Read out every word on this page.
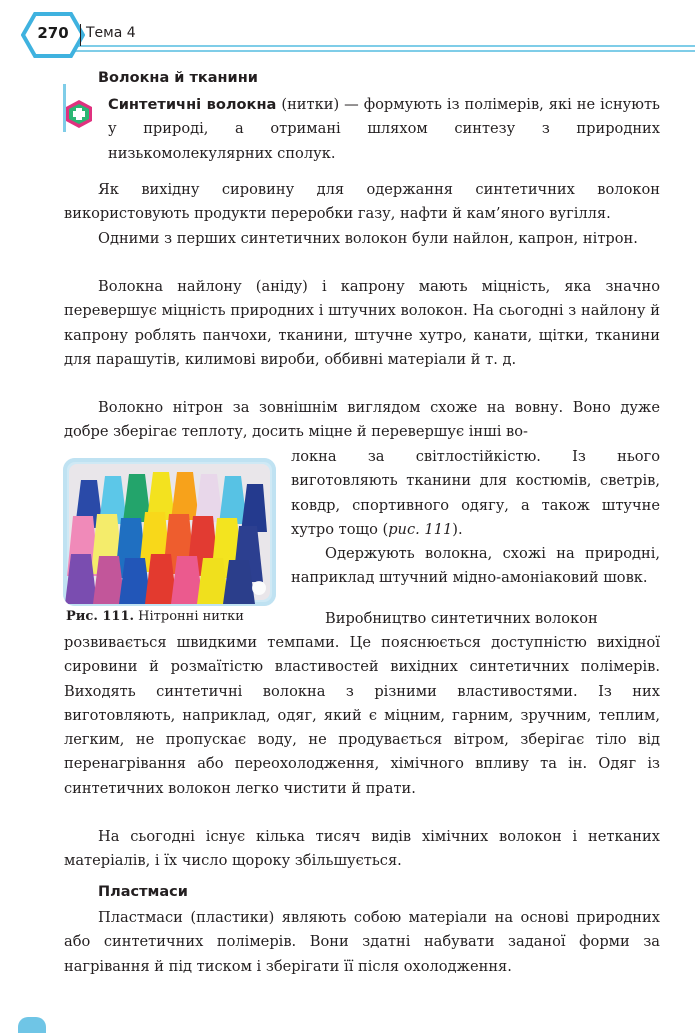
270	Тема 4
Волокна й тканини
Синтетичні волокна (нитки) — формують із полімерів, які не існують у природі, а отримані шляхом синтезу з природних низькомолекулярних сполук.

Як вихідну сировину для одержання синтетичних волокон використовують продукти переробки газу, нафти й кам’яного вугілля.

Одними з перших синтетичних волокон були найлон, капрон, нітрон.

Волокна найлону (аніду) і капрону мають міцність, яка значно перевершує міцність природних і штучних волокон. На сьогодні з найлону й капрону роблять панчохи, тканини, штучне хутро, канати, щітки, тканини для парашутів, килимові вироби, оббивні матеріали й т. д.

Волокно нітрон за зовнішнім виглядом схоже на вовну. Воно дуже добре зберігає теплоту, досить міцне й перевершує інші во-

локна за світлостійкістю. Із нього виготовляють тканини для костюмів, светрів, ковдр, спортивного одягу, а також штучне хутро тощо (рис. 111).

Одержують волокна, схожі на природні, наприклад штучний мідно-амоніаковий шовк.

Виробництво синтетичних волокон

розвивається швидкими темпами. Це пояснюється доступністю вихідної сировини й розмаїтістю властивостей вихідних синтетичних полімерів. Виходять синтетичні волокна з різними властивостями. Із них виготовляють, наприклад, одяг, який є міцним, гарним, зручним, теплим, легким, не пропускає воду, не продувається вітром, зберігає тіло від перенагрівання або переохолодження, хімічного впливу та ін. Одяг із синтетичних волокон легко чистити й прати.

На сьогодні існує кілька тисяч видів хімічних волокон і нетканих матеріалів, і їх число щороку збільшується.

Рис. 111. Нітронні нитки
Пластмаси

Пластмаси (пластики) являють собою матеріали на основі природних або синтетичних полімерів. Вони здатні набувати заданої форми за нагрівання й під тиском і зберігати її після охолодження.
